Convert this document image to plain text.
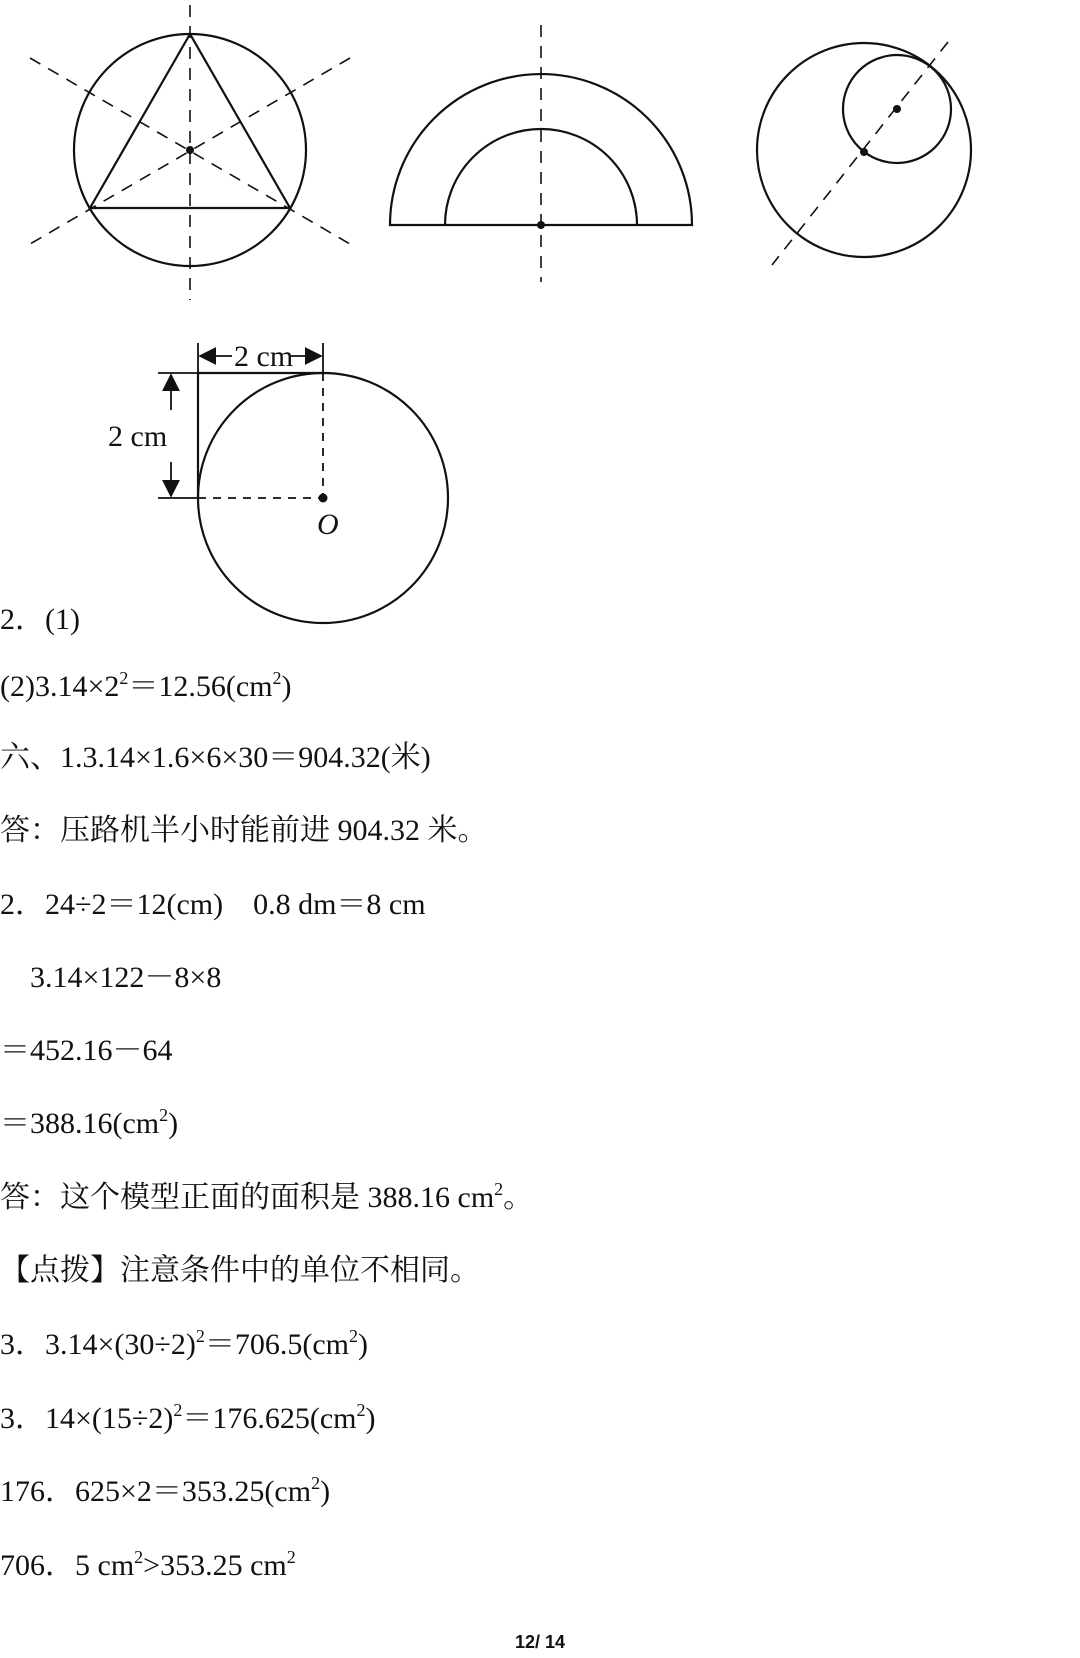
2 cm
2 cm
O
2．(1)
$(2)3.14\times 2^2=12.56(cm^2)$
六、1.3.14×1.6×6×30＝904.32(米)
答：压路机半小时能前进 904.32 米。
2．24÷2＝12(cm)　0.8 dm＝8 cm
　3.14×122－8×8
＝452.16－64
$=388.16(cm^2)$
答：这个模型正面的面积是 388.16 $cm^2$。
【点拨】注意条件中的单位不相同。
3．$3.14\times(30\div 2)^2=706.5(cm^2)$
3．$14\times(15\div 2)^2=176.625(cm^2)$
176．$625\times 2=353.25(cm^2)$
706．5 $cm^2>353.25$ $cm^2$
12/ 14
